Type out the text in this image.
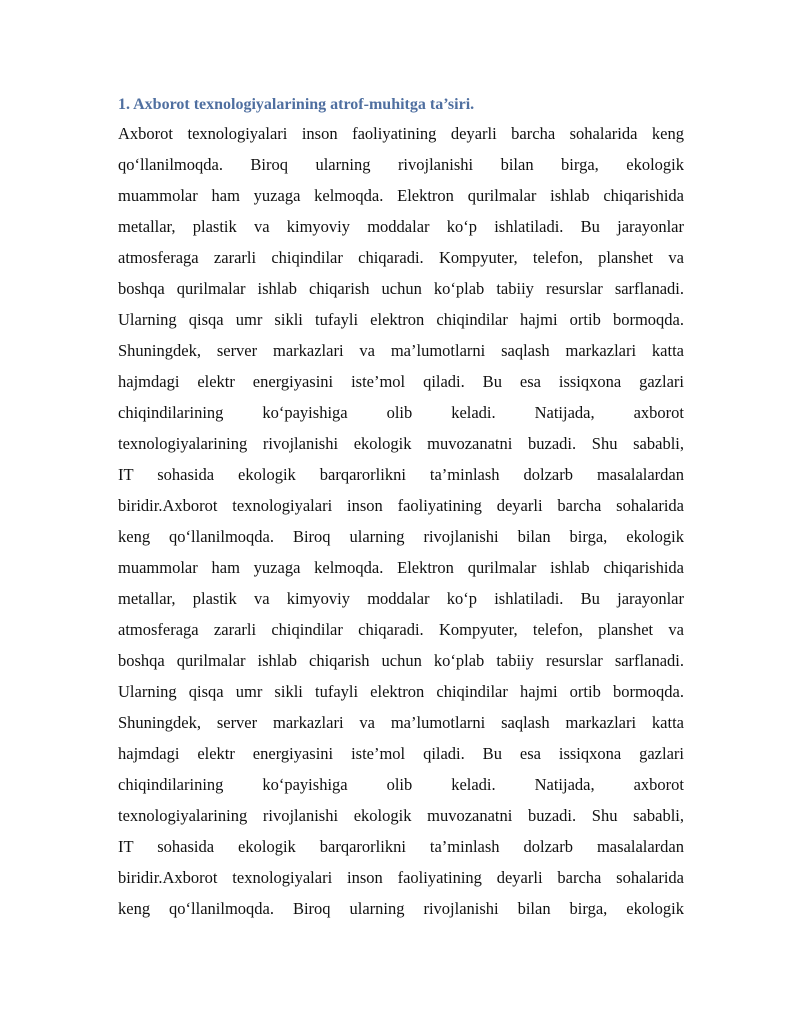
1. Axborot texnologiyalarining atrof-muhitga ta’siri.
Axborot texnologiyalari inson faoliyatining deyarli barcha sohalarida keng
qo‘llanilmoqda. Biroq ularning rivojlanishi bilan birga, ekologik
muammolar ham yuzaga kelmoqda. Elektron qurilmalar ishlab chiqarishida
metallar, plastik va kimyoviy moddalar ko‘p ishlatiladi. Bu jarayonlar
atmosferaga zararli chiqindilar chiqaradi. Kompyuter, telefon, planshet va
boshqa qurilmalar ishlab chiqarish uchun ko‘plab tabiiy resurslar sarflanadi.
Ularning qisqa umr sikli tufayli elektron chiqindilar hajmi ortib bormoqda.
Shuningdek, server markazlari va ma’lumotlarni saqlash markazlari katta
hajmdagi elektr energiyasini iste’mol qiladi. Bu esa issiqxona gazlari
chiqindilarining ko‘payishiga olib keladi. Natijada, axborot
texnologiyalarining rivojlanishi ekologik muvozanatni buzadi. Shu sababli,
IT sohasida ekologik barqarorlikni ta’minlash dolzarb masalalardan
biridir.Axborot texnologiyalari inson faoliyatining deyarli barcha sohalarida
keng qo‘llanilmoqda. Biroq ularning rivojlanishi bilan birga, ekologik
muammolar ham yuzaga kelmoqda. Elektron qurilmalar ishlab chiqarishida
metallar, plastik va kimyoviy moddalar ko‘p ishlatiladi. Bu jarayonlar
atmosferaga zararli chiqindilar chiqaradi. Kompyuter, telefon, planshet va
boshqa qurilmalar ishlab chiqarish uchun ko‘plab tabiiy resurslar sarflanadi.
Ularning qisqa umr sikli tufayli elektron chiqindilar hajmi ortib bormoqda.
Shuningdek, server markazlari va ma’lumotlarni saqlash markazlari katta
hajmdagi elektr energiyasini iste’mol qiladi. Bu esa issiqxona gazlari
chiqindilarining ko‘payishiga olib keladi. Natijada, axborot
texnologiyalarining rivojlanishi ekologik muvozanatni buzadi. Shu sababli,
IT sohasida ekologik barqarorlikni ta’minlash dolzarb masalalardan
biridir.Axborot texnologiyalari inson faoliyatining deyarli barcha sohalarida
keng qo‘llanilmoqda. Biroq ularning rivojlanishi bilan birga, ekologik
